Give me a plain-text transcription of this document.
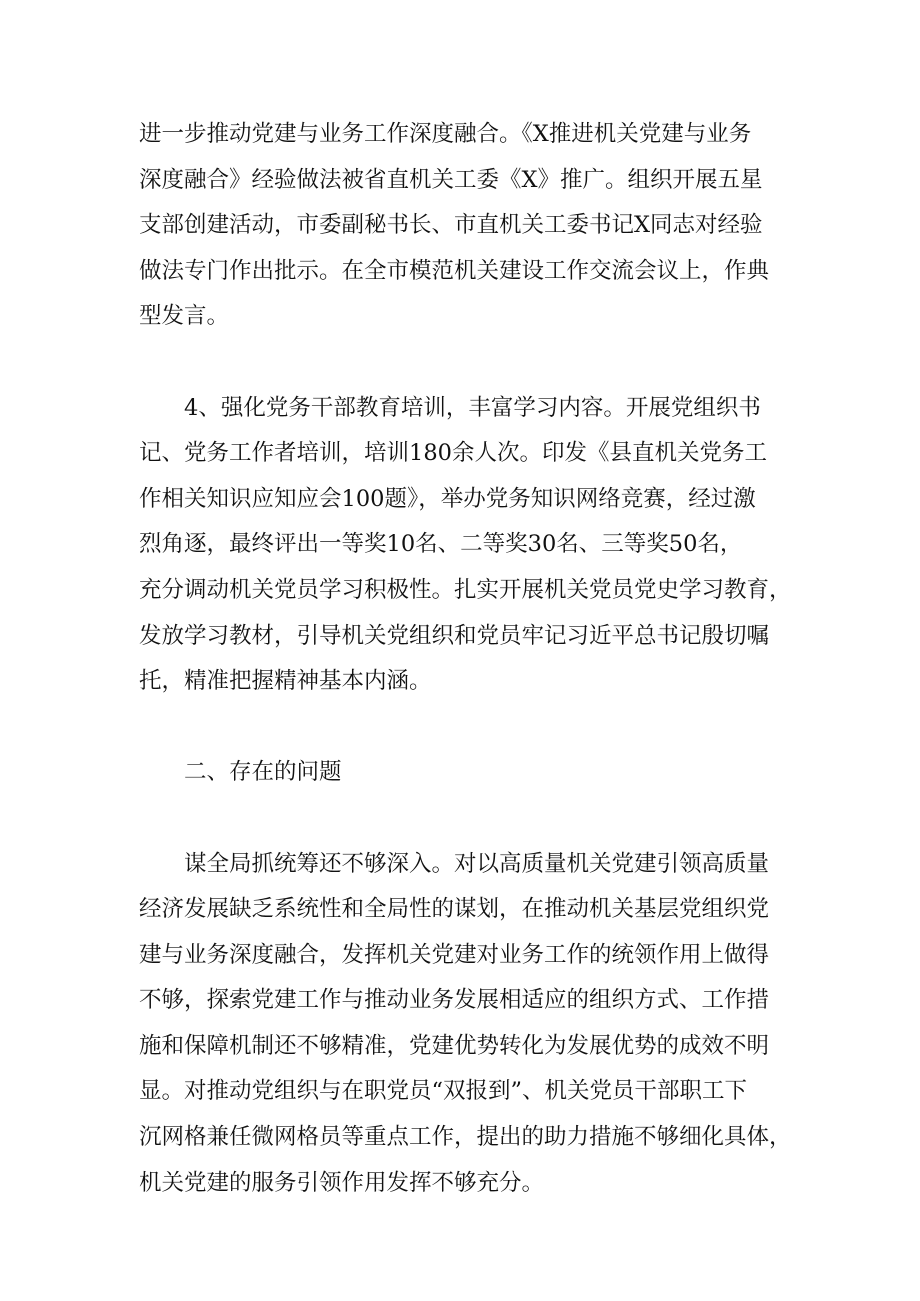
进一步推动党建与业务工作深度融合。《X推进机关党建与业务
深度融合》经验做法被省直机关工委《X》推广。组织开展五星
支部创建活动，市委副秘书长、市直机关工委书记X同志对经验
做法专门作出批示。在全市模范机关建设工作交流会议上，作典
型发言。
4、强化党务干部教育培训，丰富学习内容。开展党组织书
记、党务工作者培训，培训180余人次。印发《县直机关党务工
作相关知识应知应会100题》，举办党务知识网络竞赛，经过激
烈角逐，最终评出一等奖10名、二等奖30名、三等奖50名，
充分调动机关党员学习积极性。扎实开展机关党员党史学习教育，
发放学习教材，引导机关党组织和党员牢记习近平总书记殷切嘱
托，精准把握精神基本内涵。
二、存在的问题
谋全局抓统筹还不够深入。对以高质量机关党建引领高质量
经济发展缺乏系统性和全局性的谋划，在推动机关基层党组织党
建与业务深度融合，发挥机关党建对业务工作的统领作用上做得
不够，探索党建工作与推动业务发展相适应的组织方式、工作措
施和保障机制还不够精准，党建优势转化为发展优势的成效不明
显。对推动党组织与在职党员“双报到”、机关党员干部职工下
沉网格兼任微网格员等重点工作，提出的助力措施不够细化具体，
机关党建的服务引领作用发挥不够充分。
